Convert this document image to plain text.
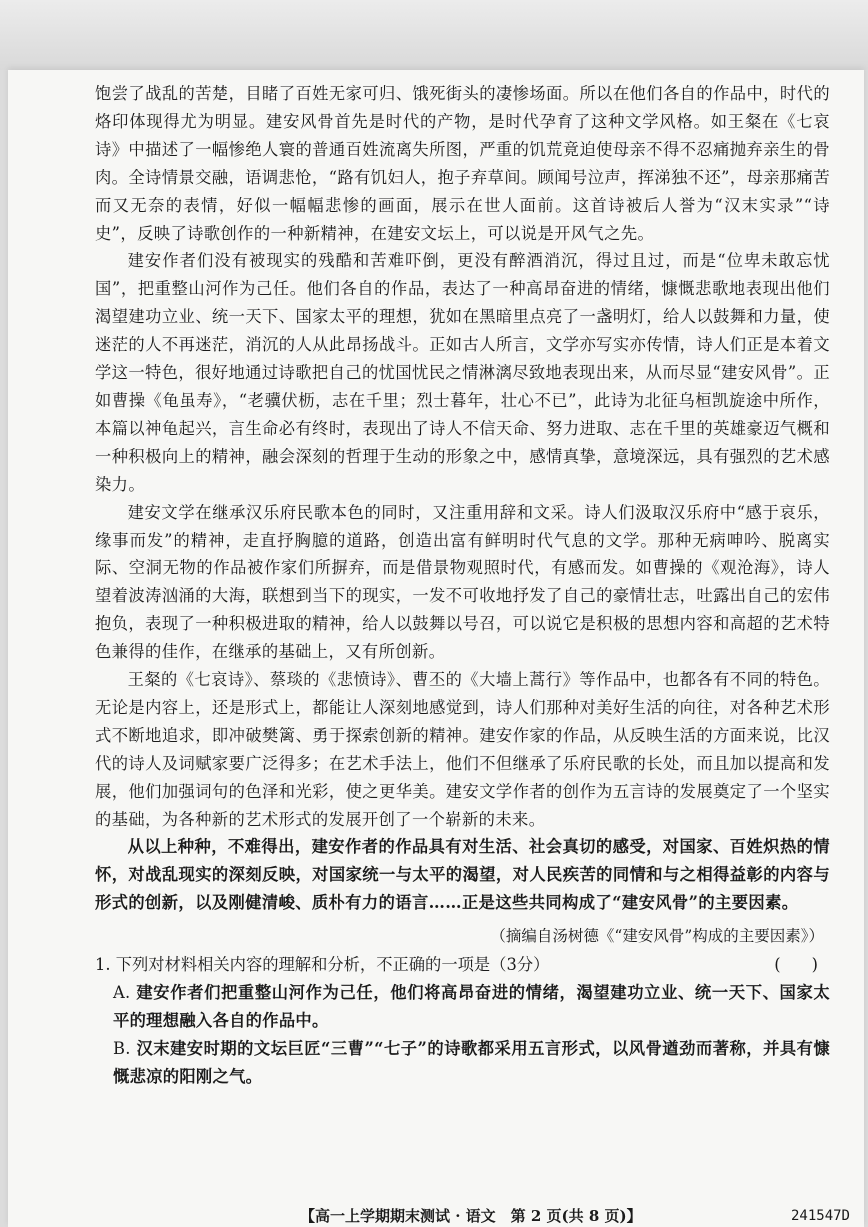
饱尝了战乱的苦楚，目睹了百姓无家可归、饿死街头的凄惨场面。所以在他们各自的作品中，时代的烙印体现得尤为明显。建安风骨首先是时代的产物，是时代孕育了这种文学风格。如王粲在《七哀诗》中描述了一幅惨绝人寰的普通百姓流离失所图，严重的饥荒竟迫使母亲不得不忍痛抛弃亲生的骨肉。全诗情景交融，语调悲怆，“路有饥妇人，抱子弃草间。顾闻号泣声，挥涕独不还”，母亲那痛苦而又无奈的表情，好似一幅幅悲惨的画面，展示在世人面前。这首诗被后人誉为“汉末实录”“诗史”，反映了诗歌创作的一种新精神，在建安文坛上，可以说是开风气之先。

建安作者们没有被现实的残酷和苦难吓倒，更没有醉酒消沉，得过且过，而是“位卑未敢忘忧国”，把重整山河作为己任。他们各自的作品，表达了一种高昂奋进的情绪，慷慨悲歌地表现出他们渴望建功立业、统一天下、国家太平的理想，犹如在黑暗里点亮了一盏明灯，给人以鼓舞和力量，使迷茫的人不再迷茫，消沉的人从此昂扬战斗。正如古人所言，文学亦写实亦传情，诗人们正是本着文学这一特色，很好地通过诗歌把自己的忧国忧民之情淋漓尽致地表现出来，从而尽显“建安风骨”。正如曹操《龟虽寿》，“老骥伏枥，志在千里；烈士暮年，壮心不已”，此诗为北征乌桓凯旋途中所作，本篇以神龟起兴，言生命必有终时，表现出了诗人不信天命、努力进取、志在千里的英雄豪迈气概和一种积极向上的精神，融会深刻的哲理于生动的形象之中，感情真挚，意境深远，具有强烈的艺术感染力。

建安文学在继承汉乐府民歌本色的同时，又注重用辞和文采。诗人们汲取汉乐府中“感于哀乐，缘事而发”的精神，走直抒胸臆的道路，创造出富有鲜明时代气息的文学。那种无病呻吟、脱离实际、空洞无物的作品被作家们所摒弃，而是借景物观照时代，有感而发。如曹操的《观沧海》，诗人望着波涛汹涌的大海，联想到当下的现实，一发不可收地抒发了自己的豪情壮志，吐露出自己的宏伟抱负，表现了一种积极进取的精神，给人以鼓舞以号召，可以说它是积极的思想内容和高超的艺术特色兼得的佳作，在继承的基础上，又有所创新。

王粲的《七哀诗》、蔡琰的《悲愤诗》、曹丕的《大墙上蒿行》等作品中，也都各有不同的特色。无论是内容上，还是形式上，都能让人深刻地感觉到，诗人们那种对美好生活的向往，对各种艺术形式不断地追求，即冲破樊篱、勇于探索创新的精神。建安作家的作品，从反映生活的方面来说，比汉代的诗人及词赋家要广泛得多；在艺术手法上，他们不但继承了乐府民歌的长处，而且加以提高和发展，他们加强词句的色泽和光彩，使之更华美。建安文学作者的创作为五言诗的发展奠定了一个坚实的基础，为各种新的艺术形式的发展开创了一个崭新的未来。

从以上种种，不难得出，建安作者的作品具有对生活、社会真切的感受，对国家、百姓炽热的情怀，对战乱现实的深刻反映，对国家统一与太平的渴望，对人民疾苦的同情和与之相得益彰的内容与形式的创新，以及刚健清峻、质朴有力的语言……正是这些共同构成了“建安风骨”的主要因素。

（摘编自汤树德《“建安风骨”构成的主要因素》）

1. 下列对材料相关内容的理解和分析，不正确的一项是（3分）	(      )
A. 建安作者们把重整山河作为己任，他们将高昂奋进的情绪，渴望建功立业、统一天下、国家太平的理想融入各自的作品中。
B. 汉末建安时期的文坛巨匠“三曹”“七子”的诗歌都采用五言形式，以风骨遒劲而著称，并具有慷慨悲凉的阳刚之气。
【高一上学期期末测试 · 语文　第 2 页(共 8 页)】	241547D
